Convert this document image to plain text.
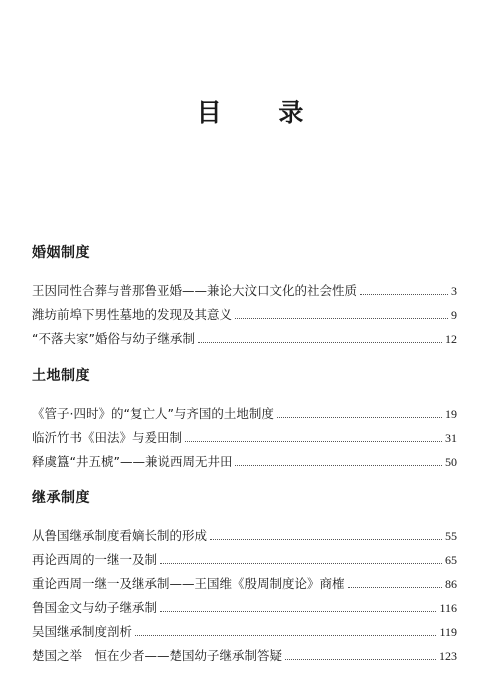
目 录
婚姻制度
王因同性合葬与普那鲁亚婚——兼论大汶口文化的社会性质	3
潍坊前埠下男性墓地的发现及其意义	9
“不落夫家”婚俗与幼子继承制	12
土地制度
《管子·四时》的“复亡人”与齐国的土地制度	19
临沂竹书《田法》与爰田制	31
释虞簋“井五椃”——兼说西周无井田	50
继承制度
从鲁国继承制度看嫡长制的形成	55
再论西周的一继一及制	65
重论西周一继一及继承制——王国维《殷周制度论》商榷	86
鲁国金文与幼子继承制	116
吴国继承制度剖析	119
楚国之举　恒在少者——楚国幼子继承制答疑	123
